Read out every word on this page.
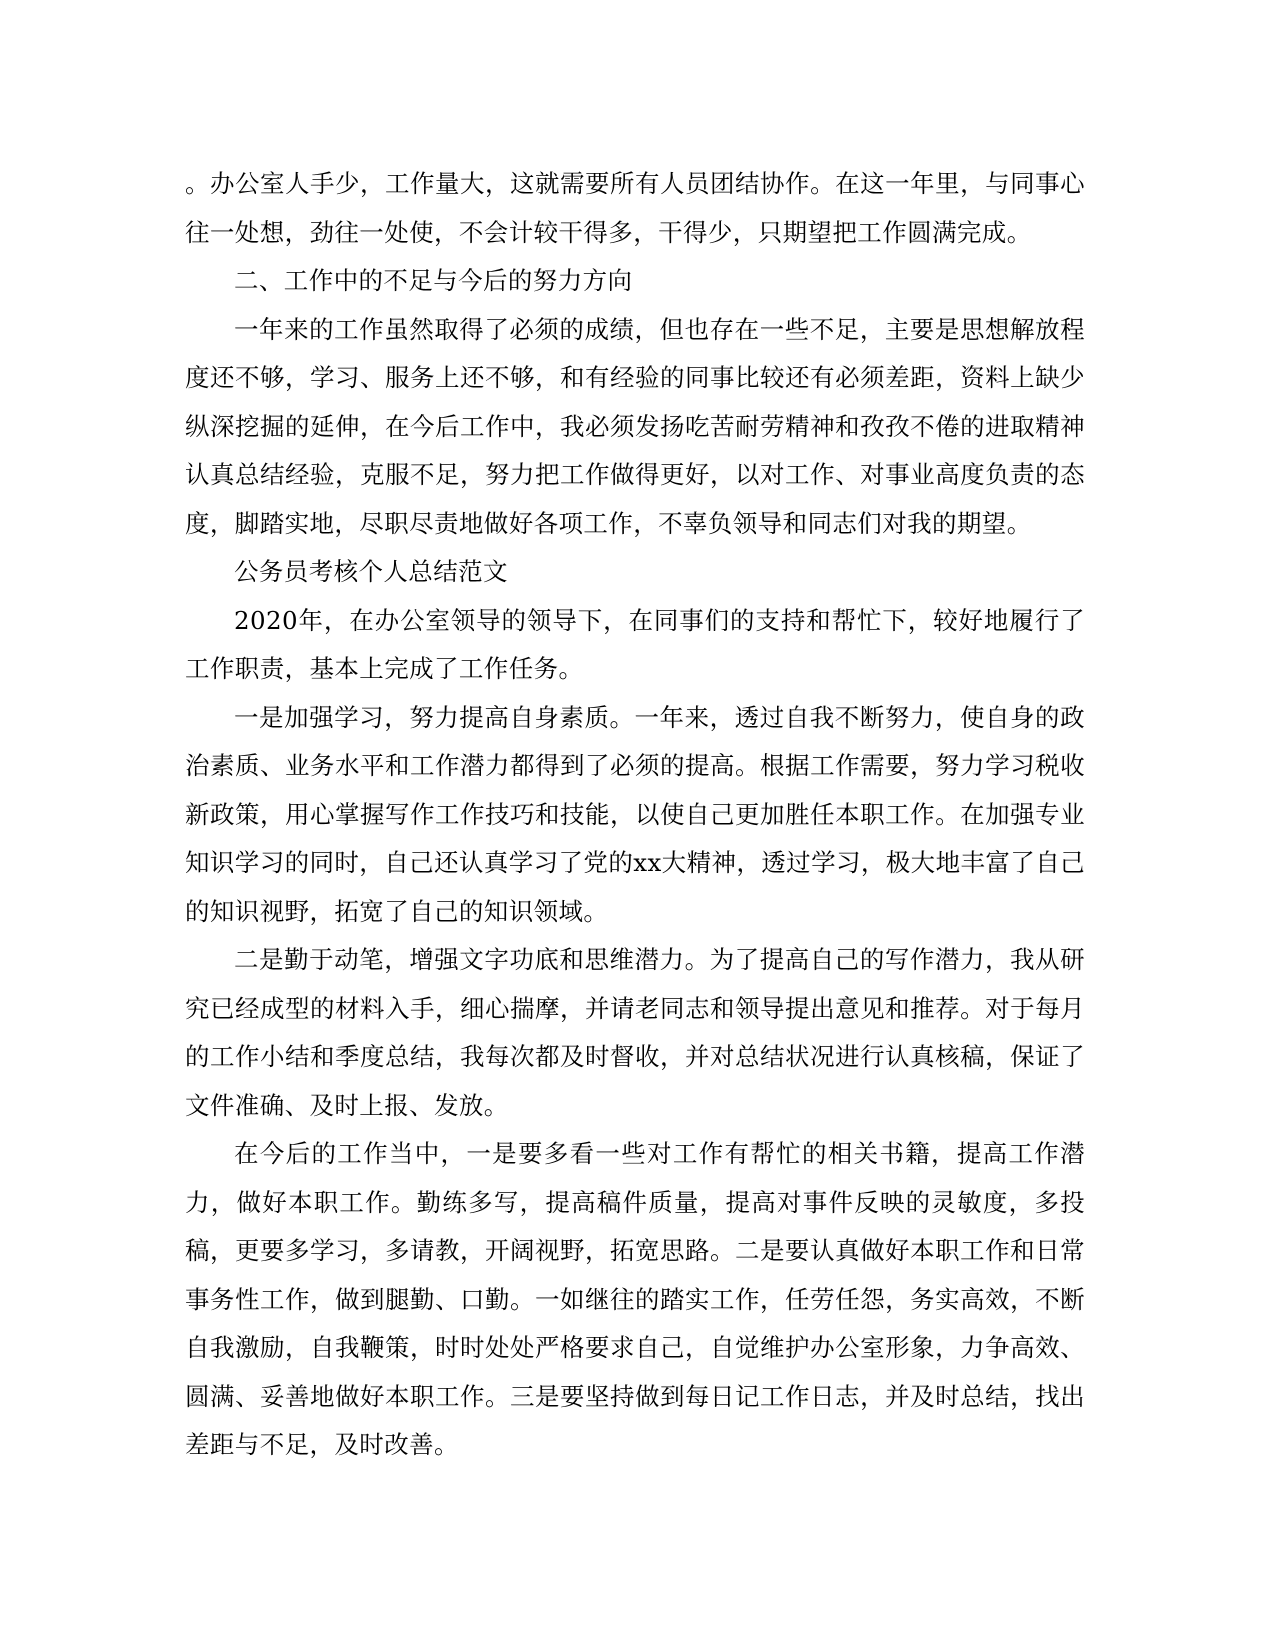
。办公室人手少，工作量大，这就需要所有人员团结协作。在这一年里，与同事心往一处想，劲往一处使，不会计较干得多，干得少，只期望把工作圆满完成。

二、工作中的不足与今后的努力方向

一年来的工作虽然取得了必须的成绩，但也存在一些不足，主要是思想解放程度还不够，学习、服务上还不够，和有经验的同事比较还有必须差距，资料上缺少纵深挖掘的延伸，在今后工作中，我必须发扬吃苦耐劳精神和孜孜不倦的进取精神认真总结经验，克服不足，努力把工作做得更好，以对工作、对事业高度负责的态度，脚踏实地，尽职尽责地做好各项工作，不辜负领导和同志们对我的期望。

公务员考核个人总结范文

2020年，在办公室领导的领导下，在同事们的支持和帮忙下，较好地履行了工作职责，基本上完成了工作任务。

一是加强学习，努力提高自身素质。一年来，透过自我不断努力，使自身的政治素质、业务水平和工作潜力都得到了必须的提高。根据工作需要，努力学习税收新政策，用心掌握写作工作技巧和技能，以使自己更加胜任本职工作。在加强专业知识学习的同时，自己还认真学习了党的xx大精神，透过学习，极大地丰富了自己的知识视野，拓宽了自己的知识领域。

二是勤于动笔，增强文字功底和思维潜力。为了提高自己的写作潜力，我从研究已经成型的材料入手，细心揣摩，并请老同志和领导提出意见和推荐。对于每月的工作小结和季度总结，我每次都及时督收，并对总结状况进行认真核稿，保证了文件准确、及时上报、发放。

在今后的工作当中，一是要多看一些对工作有帮忙的相关书籍，提高工作潜力，做好本职工作。勤练多写，提高稿件质量，提高对事件反映的灵敏度，多投稿，更要多学习，多请教，开阔视野，拓宽思路。二是要认真做好本职工作和日常事务性工作，做到腿勤、口勤。一如继往的踏实工作，任劳任怨，务实高效，不断自我激励，自我鞭策，时时处处严格要求自己，自觉维护办公室形象，力争高效、圆满、妥善地做好本职工作。三是要坚持做到每日记工作日志，并及时总结，找出差距与不足，及时改善。
